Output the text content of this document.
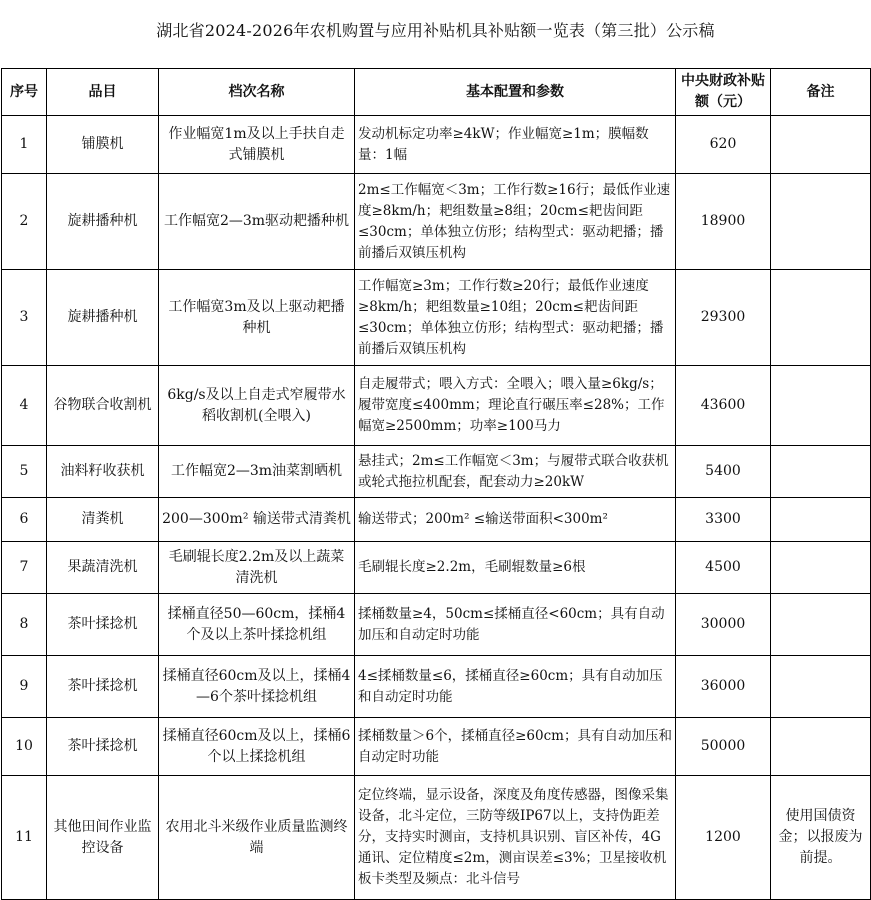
湖北省2024-2026年农机购置与应用补贴机具补贴额一览表（第三批）公示稿
序号	品目	档次名称	基本配置和参数	中央财政补贴额（元）	备注
1	铺膜机	作业幅宽1m及以上手扶自走式铺膜机	发动机标定功率≥4kW；作业幅宽≥1m；膜幅数量：1幅	620	
2	旋耕播种机	工作幅宽2—3m驱动耙播种机	2m≤工作幅宽＜3m；工作行数≥16行；最低作业速度≥8km/h；耙组数量≥8组；20cm≤耙齿间距≤30cm；单体独立仿形；结构型式：驱动耙播；播前播后双镇压机构	18900	
3	旋耕播种机	工作幅宽3m及以上驱动耙播种机	工作幅宽≥3m；工作行数≥20行；最低作业速度≥8km/h；耙组数量≥10组；20cm≤耙齿间距≤30cm；单体独立仿形；结构型式：驱动耙播；播前播后双镇压机构	29300	
4	谷物联合收割机	6kg/s及以上自走式窄履带水稻收割机(全喂入)	自走履带式；喂入方式：全喂入；喂入量≥6kg/s；履带宽度≤400mm；理论直行碾压率≤28%；工作幅宽≥2500mm；功率≥100马力	43600	
5	油料籽收获机	工作幅宽2—3m油菜割晒机	悬挂式；2m≤工作幅宽＜3m；与履带式联合收获机或轮式拖拉机配套，配套动力≥20kW	5400	
6	清粪机	200—300m² 输送带式清粪机	输送带式；200m² ≤输送带面积<300m²	3300	
7	果蔬清洗机	毛刷辊长度2.2m及以上蔬菜清洗机	毛刷辊长度≥2.2m，毛刷辊数量≥6根	4500	
8	茶叶揉捻机	揉桶直径50—60cm，揉桶4个及以上茶叶揉捻机组	揉桶数量≥4，50cm≤揉桶直径<60cm；具有自动加压和自动定时功能	30000	
9	茶叶揉捻机	揉桶直径60cm及以上，揉桶4—6个茶叶揉捻机组	4≤揉桶数量≤6，揉桶直径≥60cm；具有自动加压和自动定时功能	36000	
10	茶叶揉捻机	揉桶直径60cm及以上，揉桶6个以上揉捻机组	揉桶数量＞6个，揉桶直径≥60cm；具有自动加压和自动定时功能	50000	
11	其他田间作业监控设备	农用北斗米级作业质量监测终端	定位终端，显示设备，深度及角度传感器，图像采集设备，北斗定位，三防等级IP67以上，支持伪距差分，支持实时测亩，支持机具识别、盲区补传，4G通讯、定位精度≤2m，测亩误差≤3%；卫星接收机板卡类型及频点：北斗信号	1200	使用国债资金；以报废为前提。
